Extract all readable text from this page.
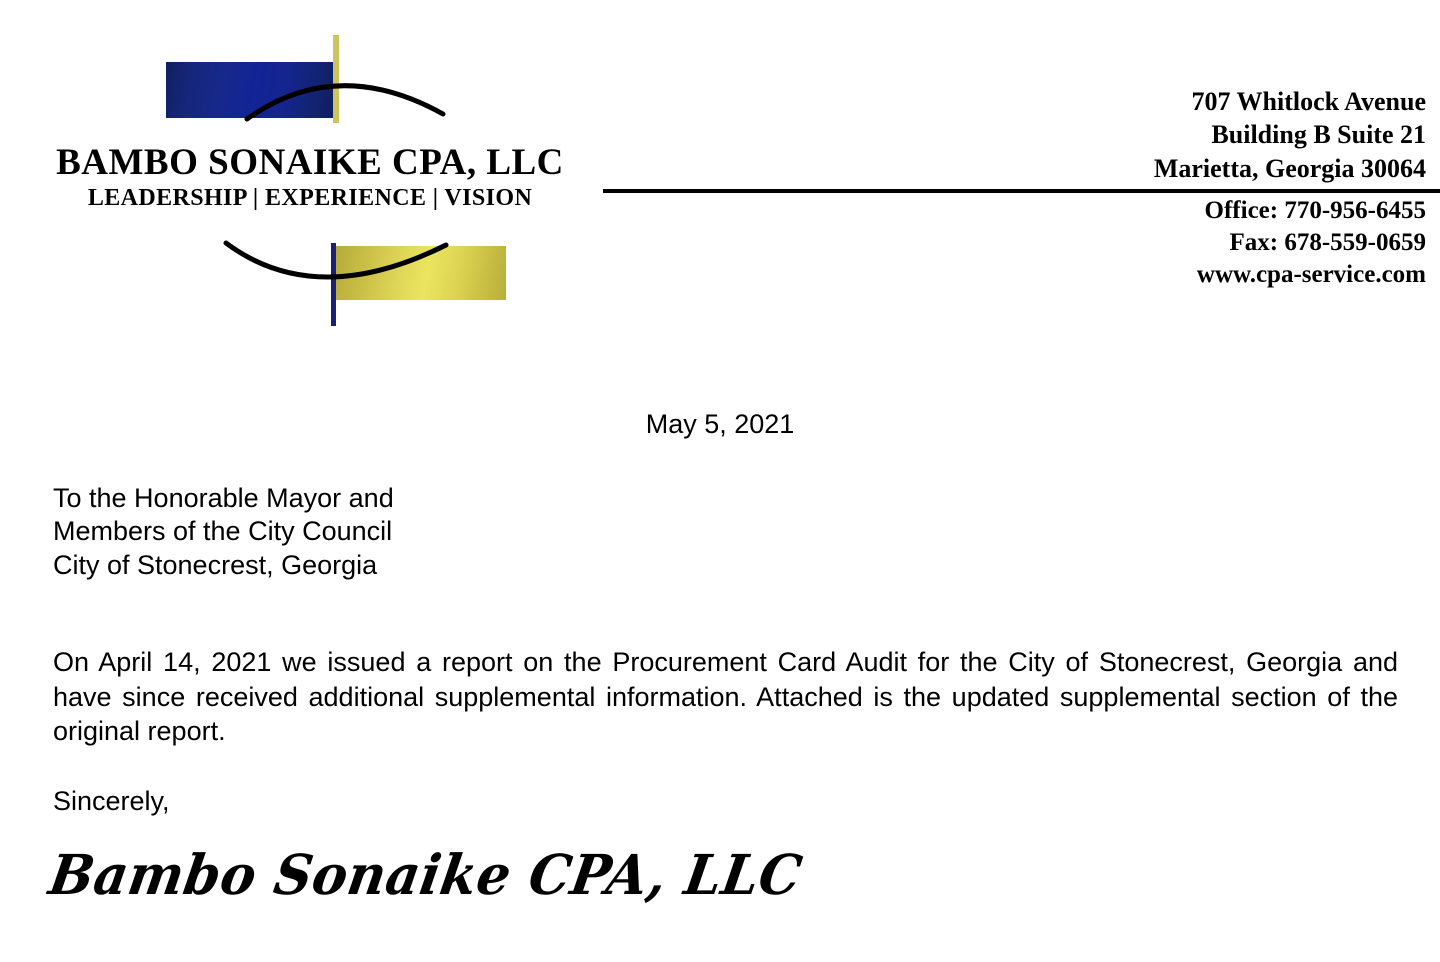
BAMBO SONAIKE CPA, LLC
LEADERSHIP | EXPERIENCE | VISION
707 Whitlock Avenue
Building B Suite 21
Marietta, Georgia 30064
Office: 770-956-6455
Fax: 678-559-0659
www.cpa-service.com
May 5, 2021
To the Honorable Mayor and
Members of the City Council
City of Stonecrest, Georgia
On April 14, 2021 we issued a report on the Procurement Card Audit for the City of Stonecrest, Georgia and have since received additional supplemental information. Attached is the updated supplemental section of the original report.
Sincerely,
Bambo Sonaike CPA, LLC
